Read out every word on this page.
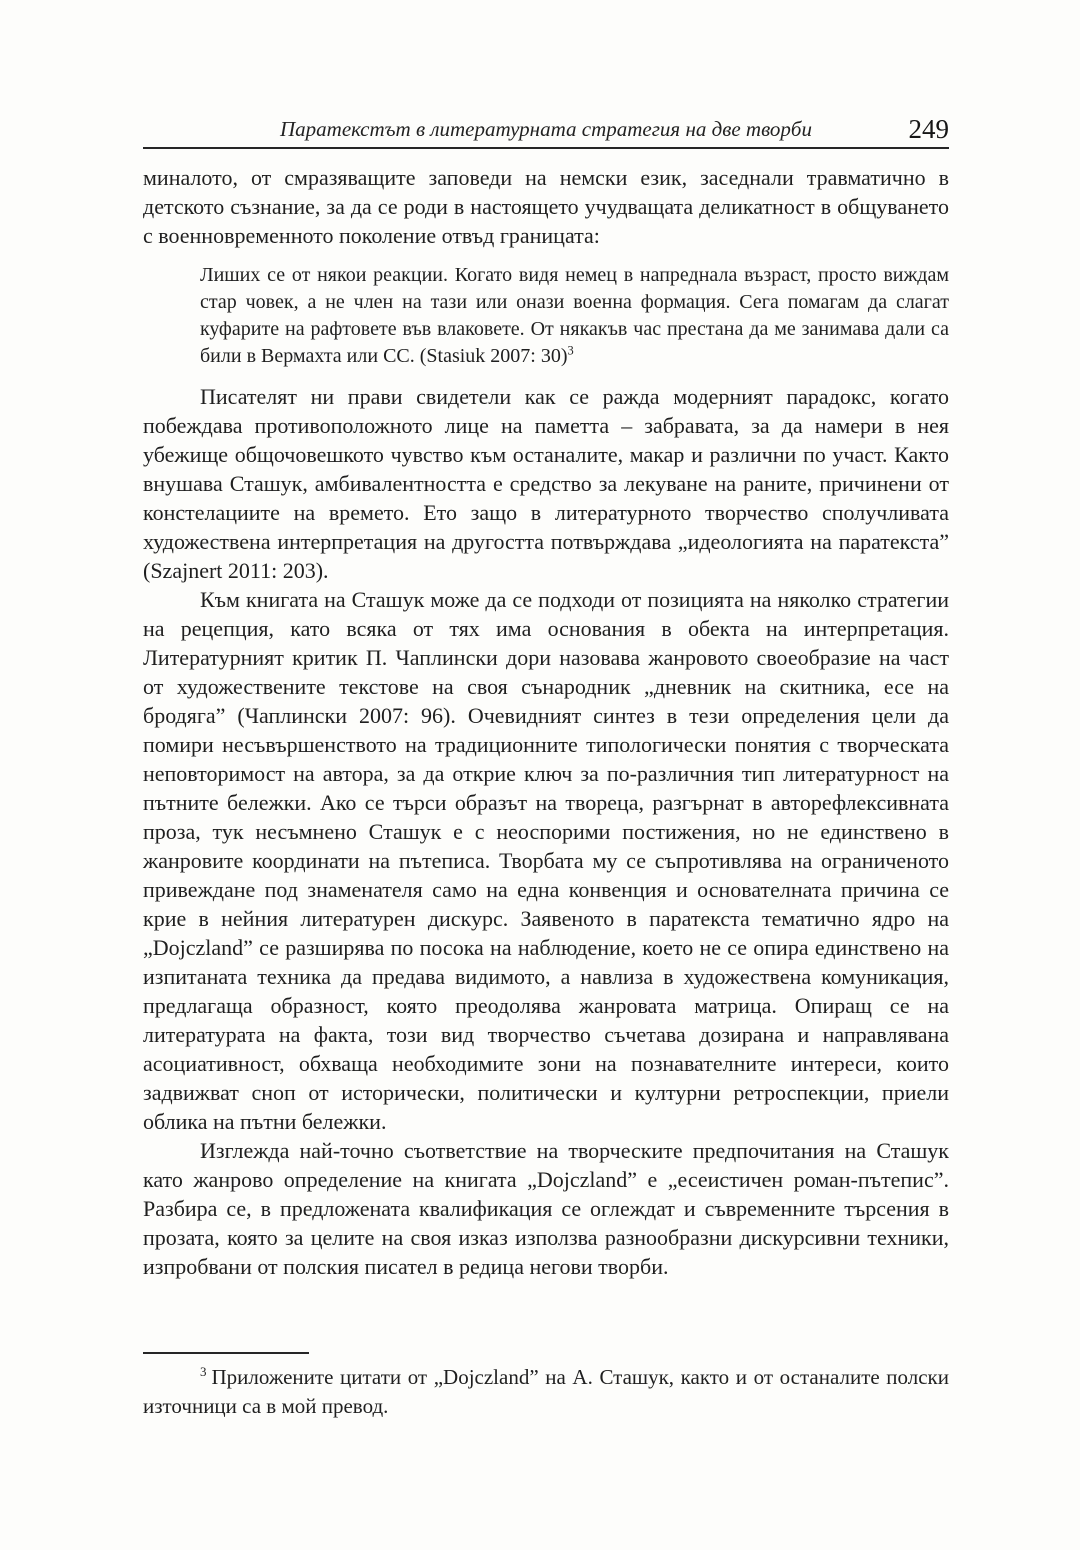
Паратекстът в литературната стратегия на две творби	249

миналото, от смразяващите заповеди на немски език, заседнали травматично в детското съзнание, за да се роди в настоящето учудващата деликатност в общуването с военновременното поколение отвъд границата:

Лиших се от някои реакции. Когато видя немец в напреднала възраст, просто виждам стар човек, а не член на тази или онази военна формация. Сега помагам да слагат куфарите на рафтовете във влаковете. От някакъв час престана да ме занимава дали са били в Вермахта или СС. (Stasiuk 2007: 30)$^3$

Писателят ни прави свидетели как се ражда модерният парадокс, когато побеждава противоположното лице на паметта – забравата, за да намери в нея убежище общочовешкото чувство към останалите, макар и различни по участ. Както внушава Сташук, амбивалентността е средство за лекуване на раните, причинени от констелациите на времето. Ето защо в литературното творчество сполучливата художествена интерпретация на другостта потвърждава „идеологията на паратекста” (Szajnert 2011: 203).

Към книгата на Сташук може да се подходи от позицията на няколко стратегии на рецепция, като всяка от тях има основания в обекта на интерпретация. Литературният критик П. Чаплински дори назовава жанровото своеобразие на част от художествените текстове на своя сънародник „дневник на скитника, есе на бродяга” (Чаплински 2007: 96). Очевидният синтез в тези определения цели да помири несъвършенството на традиционните типологически понятия с творческата неповторимост на автора, за да открие ключ за по-различния тип литературност на пътните бележки. Ако се търси образът на твореца, разгърнат в авторефлексивната проза, тук несъмнено Сташук е с неоспорими постижения, но не единствено в жанровите координати на пътеписа. Творбата му се съпротивлява на ограниченото привеждане под знаменателя само на една конвенция и основателната причина се крие в нейния литературен дискурс. Заявеното в паратекста тематично ядро на „Dojczland” се разширява по посока на наблюдение, което не се опира единствено на изпитаната техника да предава видимото, а навлиза в художествена комуникация, предлагаща образност, която преодолява жанровата матрица. Опиращ се на литературата на факта, този вид творчество съчетава дозирана и направлявана асоциативност, обхваща необходимите зони на познавателните интереси, които задвижват сноп от исторически, политически и културни ретроспекции, приели облика на пътни бележки.

Изглежда най-точно съответствие на творческите предпочитания на Сташук като жанрово определение на книгата „Dojczland” е „есеистичен роман-пътепис”. Разбира се, в предложената квалификация се оглеждат и съвременните търсения в прозата, която за целите на своя изказ използва разнообразни дискурсивни техники, изпробвани от полския писател в редица негови творби.

$^3$ Приложените цитати от „Dojczland” на А. Сташук, както и от останалите полски източници са в мой превод.
